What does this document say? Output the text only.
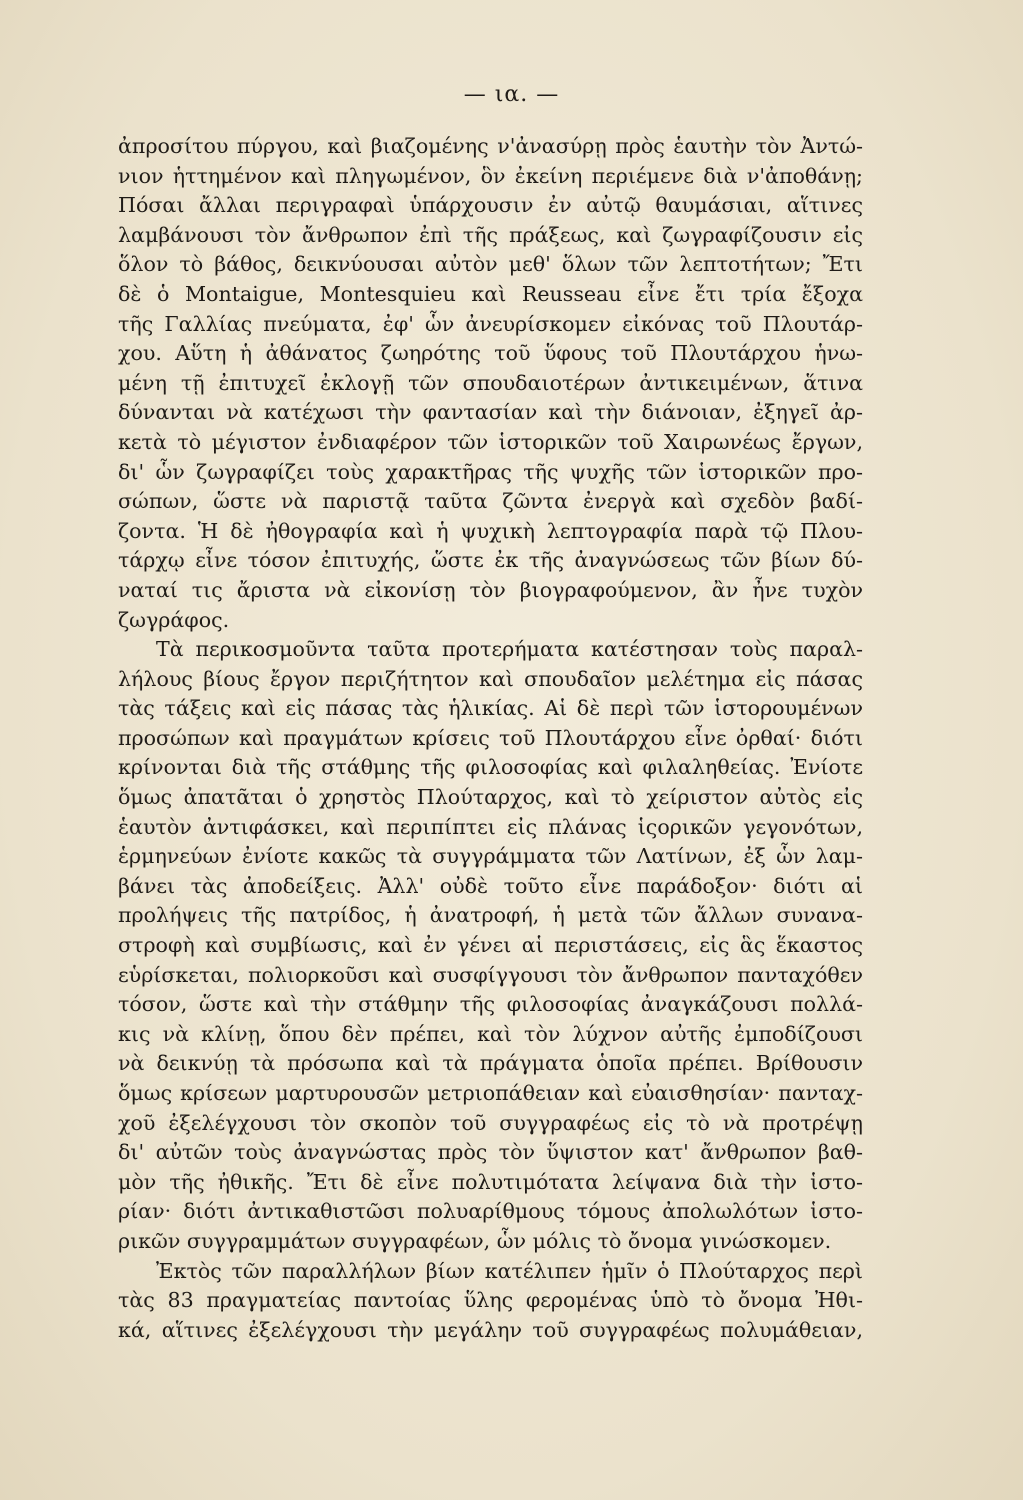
— ια. —
ἀπροσίτου πύργου, καὶ βιαζομένης ν'ἀνασύρῃ πρὸς ἑαυτὴν τὸν Ἀντώ-
νιον ἡττημένον καὶ πληγωμένον, ὃν ἐκείνη περιέμενε διὰ ν'ἀποθάνῃ;
Πόσαι ἄλλαι περιγραφαὶ ὑπάρχουσιν ἐν αὐτῷ θαυμάσιαι, αἵτινες
λαμβάνουσι τὸν ἄνθρωπον ἐπὶ τῆς πράξεως, καὶ ζωγραφίζουσιν εἰς
ὅλον τὸ βάθος, δεικνύουσαι αὐτὸν μεθ' ὅλων τῶν λεπτοτήτων; Ἔτι
δὲ ὁ Montaigue, Montesquieu καὶ Reusseau εἶνε ἔτι τρία ἔξοχα
τῆς Γαλλίας πνεύματα, ἐφ' ὧν ἀνευρίσκομεν εἰκόνας τοῦ Πλουτάρ-
χου. Αὕτη ἡ ἀθάνατος ζωηρότης τοῦ ὕφους τοῦ Πλουτάρχου ἡνω-
μένη τῇ ἐπιτυχεῖ ἐκλογῇ τῶν σπουδαιοτέρων ἀντικειμένων, ἅτινα
δύνανται νὰ κατέχωσι τὴν φαντασίαν καὶ τὴν διάνοιαν, ἐξηγεῖ ἀρ-
κετὰ τὸ μέγιστον ἐνδιαφέρον τῶν ἱστορικῶν τοῦ Χαιρωνέως ἔργων,
δι' ὧν ζωγραφίζει τοὺς χαρακτῆρας τῆς ψυχῆς τῶν ἱστορικῶν προ-
σώπων, ὥστε νὰ παριστᾷ ταῦτα ζῶντα ἐνεργὰ καὶ σχεδὸν βαδί-
ζοντα. Ἡ δὲ ἠθογραφία καὶ ἡ ψυχικὴ λεπτογραφία παρὰ τῷ Πλου-
τάρχῳ εἶνε τόσον ἐπιτυχής, ὥστε ἐκ τῆς ἀναγνώσεως τῶν βίων δύ-
ναταί τις ἄριστα νὰ εἰκονίσῃ τὸν βιογραφούμενον, ἂν ἦνε τυχὸν
ζωγράφος.
Τὰ περικοσμοῦντα ταῦτα προτερήματα κατέστησαν τοὺς παραλ-
λήλους βίους ἔργον περιζήτητον καὶ σπουδαῖον μελέτημα εἰς πάσας
τὰς τάξεις καὶ εἰς πάσας τὰς ἡλικίας. Αἱ δὲ περὶ τῶν ἱστορουμένων
προσώπων καὶ πραγμάτων κρίσεις τοῦ Πλουτάρχου εἶνε ὀρθαί· διότι
κρίνονται διὰ τῆς στάθμης τῆς φιλοσοφίας καὶ φιλαληθείας. Ἐνίοτε
ὅμως ἀπατᾶται ὁ χρηστὸς Πλούταρχος, καὶ τὸ χείριστον αὐτὸς εἰς
ἑαυτὸν ἀντιφάσκει, καὶ περιπίπτει εἰς πλάνας ἱςορικῶν γεγονότων,
ἑρμηνεύων ἐνίοτε κακῶς τὰ συγγράμματα τῶν Λατίνων, ἐξ ὧν λαμ-
βάνει τὰς ἀποδείξεις. Ἀλλ' οὐδὲ τοῦτο εἶνε παράδοξον· διότι αἱ
προλήψεις τῆς πατρίδος, ἡ ἀνατροφή, ἡ μετὰ τῶν ἄλλων συνανα-
στροφὴ καὶ συμβίωσις, καὶ ἐν γένει αἱ περιστάσεις, εἰς ἃς ἕκαστος
εὑρίσκεται, πολιορκοῦσι καὶ συσφίγγουσι τὸν ἄνθρωπον πανταχόθεν
τόσον, ὥστε καὶ τὴν στάθμην τῆς φιλοσοφίας ἀναγκάζουσι πολλά-
κις νὰ κλίνῃ, ὅπου δὲν πρέπει, καὶ τὸν λύχνον αὐτῆς ἐμποδίζουσι
νὰ δεικνύῃ τὰ πρόσωπα καὶ τὰ πράγματα ὁποῖα πρέπει. Βρίθουσιν
ὅμως κρίσεων μαρτυρουσῶν μετριοπάθειαν καὶ εὐαισθησίαν· πανταχ-
χοῦ ἐξελέγχουσι τὸν σκοπὸν τοῦ συγγραφέως εἰς τὸ νὰ προτρέψῃ
δι' αὐτῶν τοὺς ἀναγνώστας πρὸς τὸν ὕψιστον κατ' ἄνθρωπον βαθ-
μὸν τῆς ἠθικῆς. Ἔτι δὲ εἶνε πολυτιμότατα λείψανα διὰ τὴν ἱστο-
ρίαν· διότι ἀντικαθιστῶσι πολυαρίθμους τόμους ἀπολωλότων ἱστο-
ρικῶν συγγραμμάτων συγγραφέων, ὧν μόλις τὸ ὄνομα γινώσκομεν.
Ἐκτὸς τῶν παραλλήλων βίων κατέλιπεν ἡμῖν ὁ Πλούταρχος περὶ
τὰς 83 πραγματείας παντοίας ὕλης φερομένας ὑπὸ τὸ ὄνομα Ἠθι-
κά, αἵτινες ἐξελέγχουσι τὴν μεγάλην τοῦ συγγραφέως πολυμάθειαν,
